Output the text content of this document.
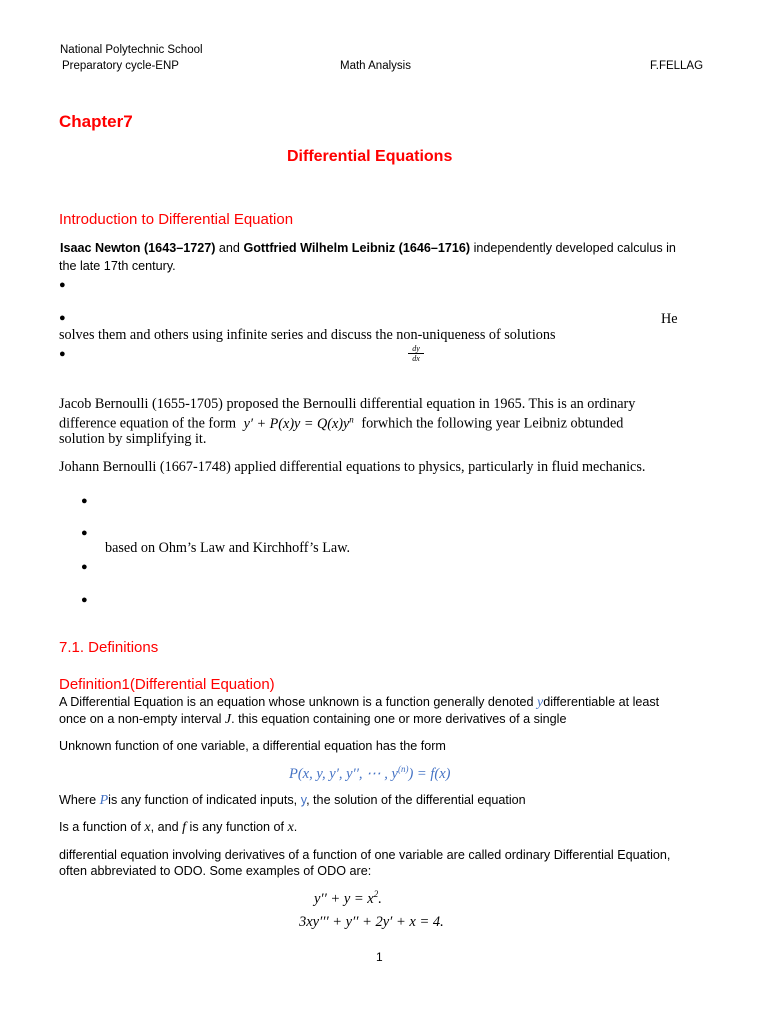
National Polytechnic School
Preparatory cycle-ENP	Math Analysis	F.FELLAG
Chapter7
Differential Equations
Introduction to Differential Equation
Isaac Newton (1643–1727) and Gottfried Wilhelm Leibniz (1646–1716) independently developed calculus in
the late 17th century.
●
●	He
solves them and others using infinite series and discuss the non-uniqueness of solutions
●	$\frac{dy}{dx}$
Jacob Bernoulli (1655-1705) proposed the Bernoulli differential equation in 1965. This is an ordinary
difference equation of the form $y' + P(x)y = Q(x)y^n$ forwhich the following year Leibniz obtunded
solution by simplifying it.
Johann Bernoulli (1667-1748) applied differential equations to physics, particularly in fluid mechanics.
●
●
based on Ohm’s Law and Kirchhoff’s Law.
●
●
7.1. Definitions
Definition1(Differential Equation)
A Differential Equation is an equation whose unknown is a function generally denoted ydifferentiable at least
once on a non-empty interval J. this equation containing one or more derivatives of a single
Unknown function of one variable, a differential equation has the form
P(x, y, y′, y′′, ⋯ , $y^{(n)}) = f(x)$
Where Pis any function of indicated inputs, y, the solution of the differential equation
Is a function of x, and f is any function of x.
differential equation involving derivatives of a function of one variable are called ordinary Differential Equation,
often abbreviated to ODO. Some examples of ODO are:
$y'' + y = x^2$.
3xy′′′ + y′′ + 2y′ + x = 4.
1
